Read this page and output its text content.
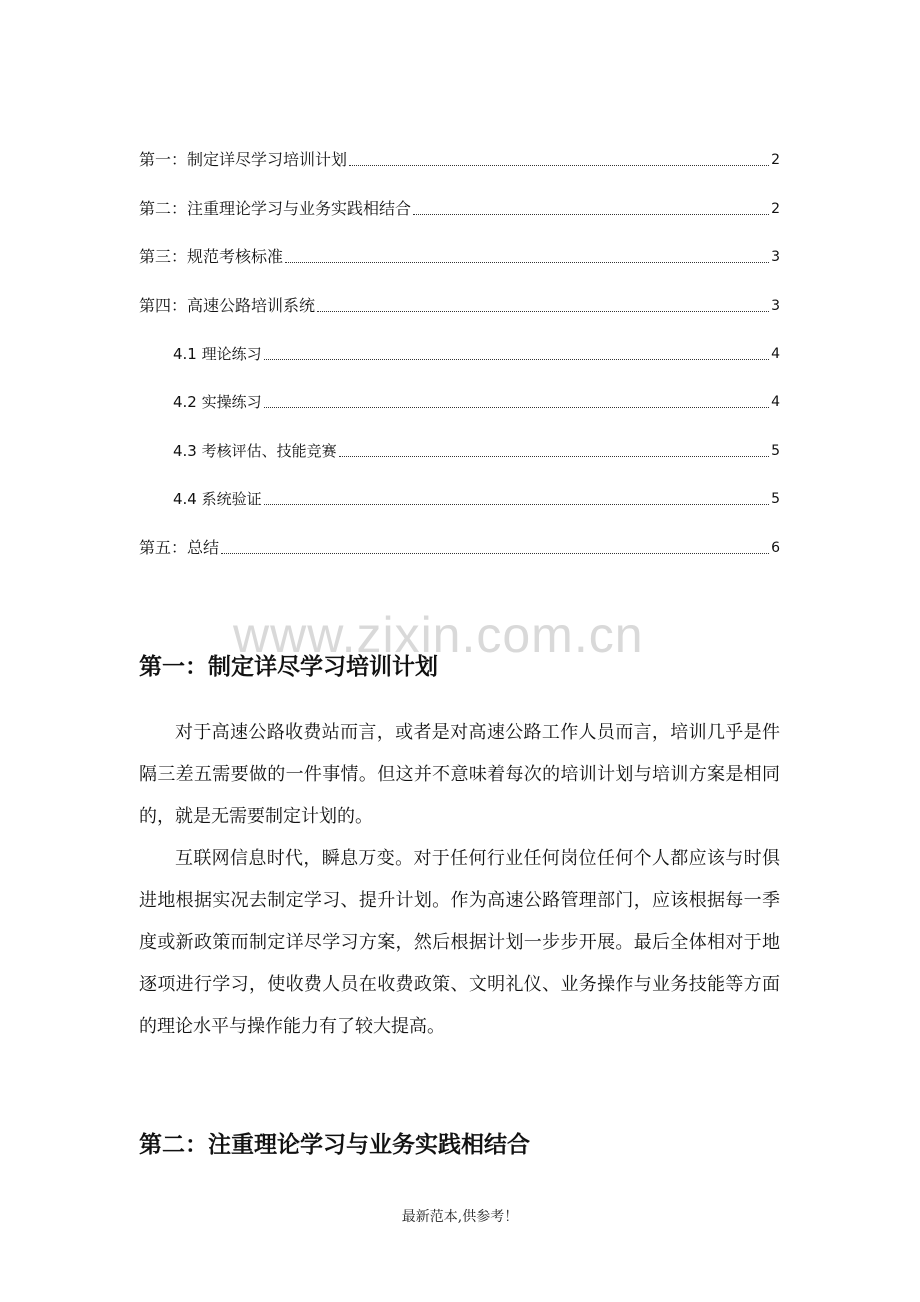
第一：制定详尽学习培训计划	2
第二：注重理论学习与业务实践相结合	2
第三：规范考核标准	3
第四：高速公路培训系统	3
4.1 理论练习	4
4.2 实操练习	4
4.3 考核评估、技能竞赛	5
4.4 系统验证	5
第五：总结	6
www.zixin.com.cn
第一：制定详尽学习培训计划

对于高速公路收费站而言，或者是对高速公路工作人员而言，培训几乎是件隔三差五需要做的一件事情。但这并不意味着每次的培训计划与培训方案是相同的，就是无需要制定计划的。

互联网信息时代，瞬息万变。对于任何行业任何岗位任何个人都应该与时俱进地根据实况去制定学习、提升计划。作为高速公路管理部门，应该根据每一季度或新政策而制定详尽学习方案，然后根据计划一步步开展。最后全体相对于地逐项进行学习，使收费人员在收费政策、文明礼仪、业务操作与业务技能等方面的理论水平与操作能力有了较大提高。

第二：注重理论学习与业务实践相结合
最新范本,供参考！
